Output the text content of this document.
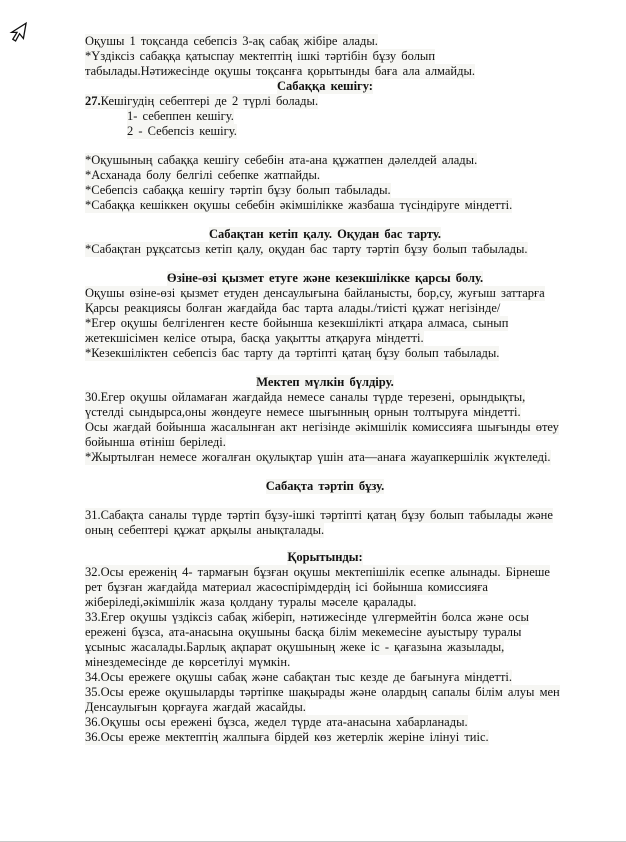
Оқушы 1 тоқсанда себепсіз 3-ақ сабақ жібіре алады.
*Үздіксіз сабаққа қатыспау мектептің ішкі тәртібін бұзу болып
табылады.Нәтижесінде оқушы тоқсанға қорытынды баға ала алмайды.
Сабаққа кешігу:
27.Кешігудің себептері де 2 түрлі болады.
1- себеппен кешігу.
2 - Себепсіз кешігу.
*Оқушының сабаққа кешігу себебін ата-ана құжатпен дәлелдей алады.
*Асханада болу белгілі себепке жатпайды.
*Себепсіз сабаққа кешігу тәртіп бұзу болып табылады.
*Сабаққа кешіккен оқушы себебін әкімшілікке жазбаша түсіндіруге міндетті.
Сабақтан кетіп қалу. Оқудан бас тарту.
*Сабақтан рұқсатсыз кетіп қалу, оқудан бас тарту тәртіп бұзу болып табылады.
Өзіне-өзі қызмет етуге және кезекшілікке қарсы болу.
Оқушы өзіне-өзі қызмет етуден денсаулығына байланысты, бор,су, жуғыш заттарға
Қарсы реакциясы болған жағдайда бас тарта алады./тиісті құжат негізінде/
*Егер оқушы белгіленген кесте бойынша кезекшілікті атқара алмаса, сынып
жетекшісімен келісе отыра, басқа уақытты атқаруға міндетті.
*Кезекшіліктен себепсіз бас тарту да тәртіпті қатаң бұзу болып табылады.
Мектеп мүлкін бүлдіру.
30.Егер оқушы ойламаған жағдайда немесе саналы түрде терезені, орындықты,
үстелді сындырса,оны жөндеуге немесе шығынның орнын толтыруға міндетті.
Осы жағдай бойынша жасалынған акт негізінде әкімшілік комиссияға шығынды өтеу
бойынша өтініш беріледі.
*Жыртылған немесе жоғалған оқулықтар үшін ата—анаға жауапкершілік жүктеледі.
Сабақта тәртіп бұзу.
31.Сабақта саналы түрде тәртіп бұзу-ішкі тәртіпті қатаң бұзу болып табылады және
оның себептері құжат арқылы анықталады.
Қорытынды:
32.Осы ереженің 4- тармағын бұзған оқушы мектепішілік есепке алынады. Бірнеше
рет бұзған жағдайда материал жасөспірімдердің ісі бойынша комиссияға
жіберіледі,әкімшілік жаза қолдану туралы мәселе қаралады.
33.Егер оқушы үздіксіз сабақ жіберіп, нәтижесінде үлгермейтін болса және осы
ережені бұзса, ата-анасына оқушыны басқа білім мекемесіне ауыстыру туралы
ұсыныс жасалады.Барлық ақпарат оқушының жеке іс - қағазына жазылады,
мінездемесінде де көрсетілуі мүмкін.
34.Осы ережеге оқушы сабақ және сабақтан тыс кезде де бағынуға міндетті.
35.Осы ереже оқушыларды тәртіпке шақырады және олардың сапалы білім алуы мен
Денсаулығын қорғауға жағдай жасайды.
36.Оқушы осы ережені бұзса, жедел түрде ата-анасына хабарланады.
36.Осы ереже мектептің жалпыға бірдей көз жетерлік жеріне ілінуі тиіс.
